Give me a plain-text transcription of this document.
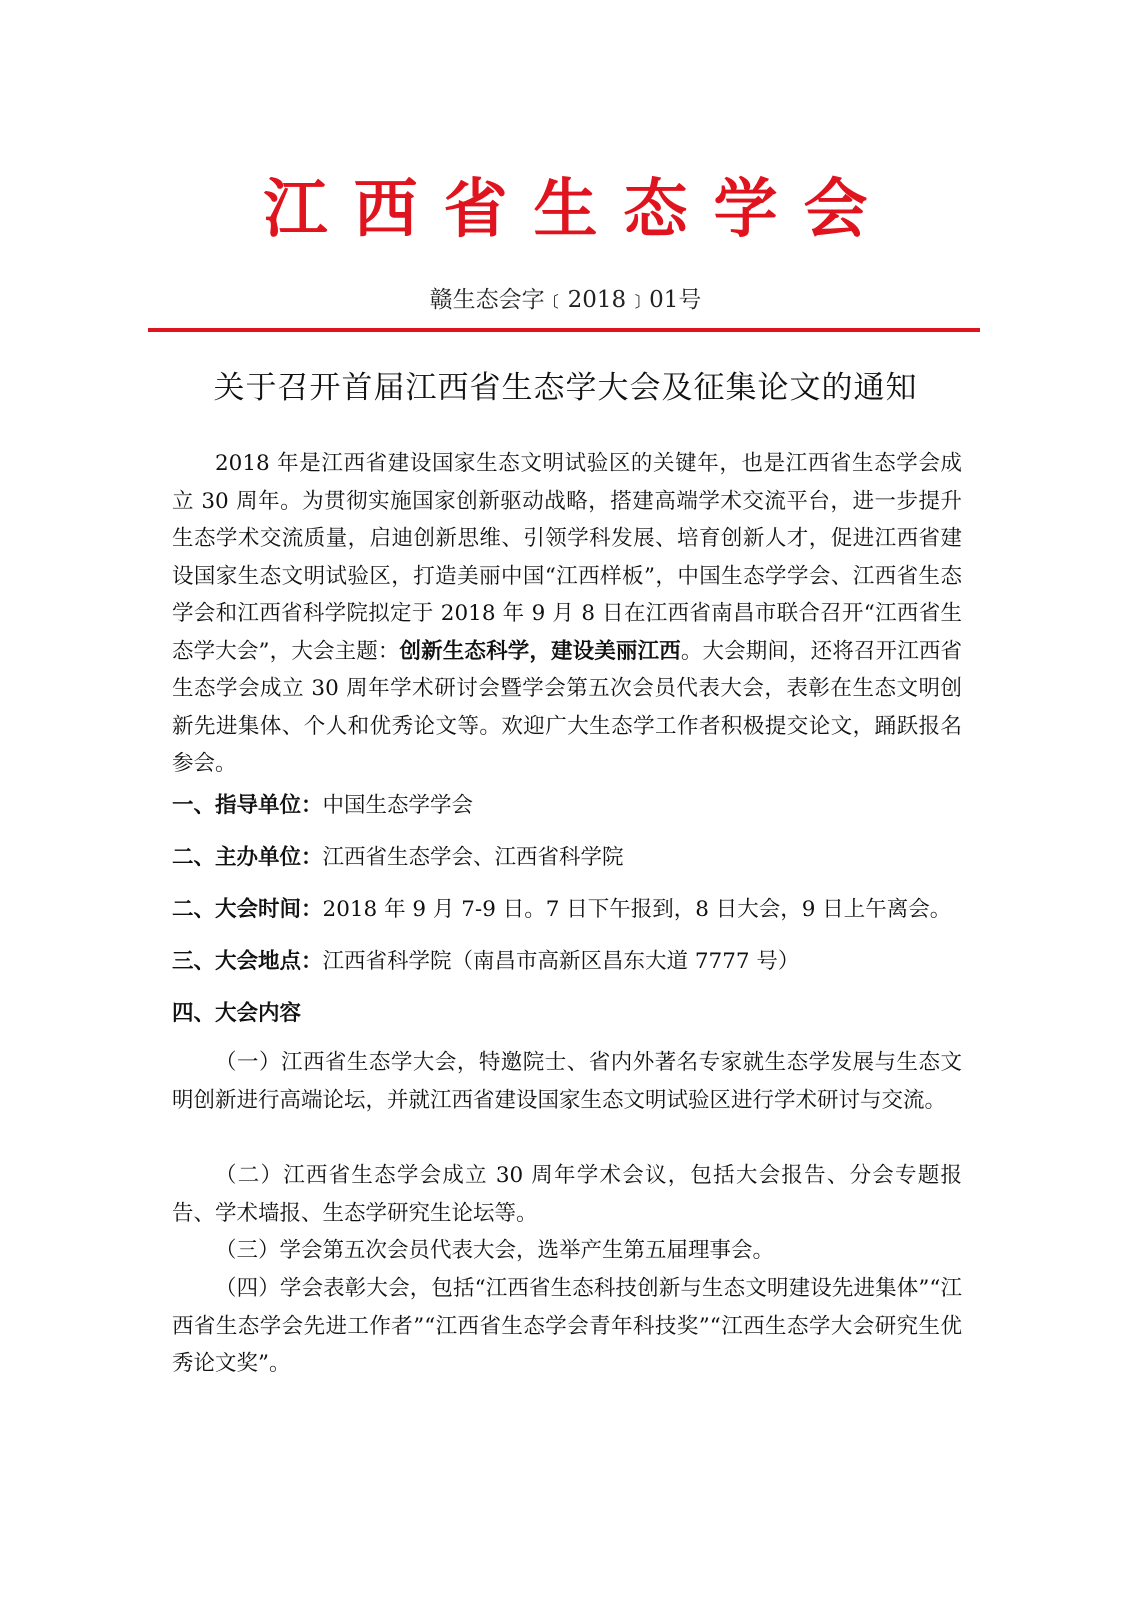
江西省生态学会
赣生态会字﹝2018﹞01号
关于召开首届江西省生态学大会及征集论文的通知
2018 年是江西省建设国家生态文明试验区的关键年，也是江西省生态学会成立 30 周年。为贯彻实施国家创新驱动战略，搭建高端学术交流平台，进一步提升生态学术交流质量，启迪创新思维、引领学科发展、培育创新人才，促进江西省建设国家生态文明试验区，打造美丽中国“江西样板”，中国生态学学会、江西省生态学会和江西省科学院拟定于 2018 年 9 月 8 日在江西省南昌市联合召开“江西省生态学大会”，大会主题：创新生态科学，建设美丽江西。大会期间，还将召开江西省生态学会成立 30 周年学术研讨会暨学会第五次会员代表大会，表彰在生态文明创新先进集体、个人和优秀论文等。欢迎广大生态学工作者积极提交论文，踊跃报名参会。
一、指导单位：中国生态学学会
二、主办单位：江西省生态学会、江西省科学院
二、大会时间：2018 年 9 月 7-9 日。7 日下午报到，8 日大会，9 日上午离会。
三、大会地点：江西省科学院（南昌市高新区昌东大道 7777 号）
四、大会内容
（一）江西省生态学大会，特邀院士、省内外著名专家就生态学发展与生态文明创新进行高端论坛，并就江西省建设国家生态文明试验区进行学术研讨与交流。
（二）江西省生态学会成立 30 周年学术会议，包括大会报告、分会专题报告、学术墙报、生态学研究生论坛等。
（三）学会第五次会员代表大会，选举产生第五届理事会。
（四）学会表彰大会，包括“江西省生态科技创新与生态文明建设先进集体”“江西省生态学会先进工作者”“江西省生态学会青年科技奖”“江西生态学大会研究生优秀论文奖”。
